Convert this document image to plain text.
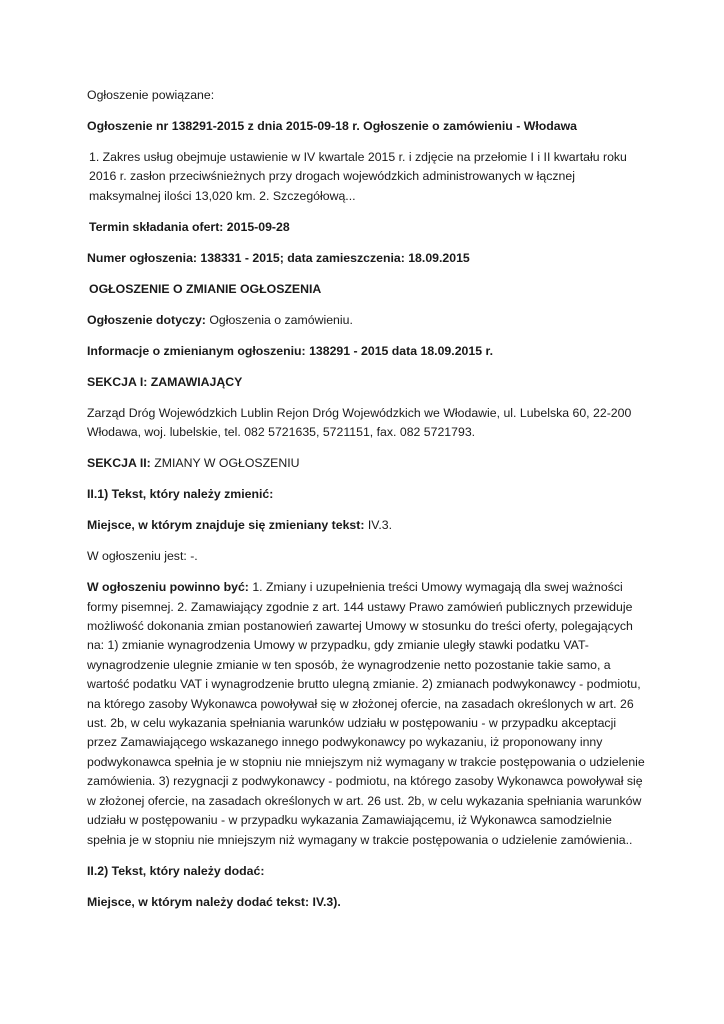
Ogłoszenie powiązane:

Ogłoszenie nr 138291-2015 z dnia 2015-09-18 r. Ogłoszenie o zamówieniu - Włodawa

1. Zakres usług obejmuje ustawienie w IV kwartale 2015 r. i zdjęcie na przełomie I i II kwartału roku 2016 r. zasłon przeciwśnieżnych przy drogach wojewódzkich administrowanych w łącznej maksymalnej ilości 13,020 km. 2. Szczegółową...

Termin składania ofert: 2015-09-28

Numer ogłoszenia: 138331 - 2015; data zamieszczenia: 18.09.2015

OGŁOSZENIE O ZMIANIE OGŁOSZENIA

Ogłoszenie dotyczy: Ogłoszenia o zamówieniu.

Informacje o zmienianym ogłoszeniu: 138291 - 2015 data 18.09.2015 r.

SEKCJA I: ZAMAWIAJĄCY

Zarząd Dróg Wojewódzkich Lublin Rejon Dróg Wojewódzkich we Włodawie, ul. Lubelska 60, 22-200 Włodawa, woj. lubelskie, tel. 082 5721635, 5721151, fax. 082 5721793.

SEKCJA II: ZMIANY W OGŁOSZENIU

II.1) Tekst, który należy zmienić:

Miejsce, w którym znajduje się zmieniany tekst: IV.3.

W ogłoszeniu jest: -.

W ogłoszeniu powinno być: 1. Zmiany i uzupełnienia treści Umowy wymagają dla swej ważności formy pisemnej. 2. Zamawiający zgodnie z art. 144 ustawy Prawo zamówień publicznych przewiduje możliwość dokonania zmian postanowień zawartej Umowy w stosunku do treści oferty, polegających na: 1) zmianie wynagrodzenia Umowy w przypadku, gdy zmianie uległy stawki podatku VAT- wynagrodzenie ulegnie zmianie w ten sposób, że wynagrodzenie netto pozostanie takie samo, a wartość podatku VAT i wynagrodzenie brutto ulegną zmianie. 2) zmianach podwykonawcy - podmiotu, na którego zasoby Wykonawca powoływał się w złożonej ofercie, na zasadach określonych w art. 26 ust. 2b, w celu wykazania spełniania warunków udziału w postępowaniu - w przypadku akceptacji przez Zamawiającego wskazanego innego podwykonawcy po wykazaniu, iż proponowany inny podwykonawca spełnia je w stopniu nie mniejszym niż wymagany w trakcie postępowania o udzielenie zamówienia. 3) rezygnacji z podwykonawcy - podmiotu, na którego zasoby Wykonawca powoływał się w złożonej ofercie, na zasadach określonych w art. 26 ust. 2b, w celu wykazania spełniania warunków udziału w postępowaniu - w przypadku wykazania Zamawiającemu, iż Wykonawca samodzielnie spełnia je w stopniu nie mniejszym niż wymagany w trakcie postępowania o udzielenie zamówienia..

II.2) Tekst, który należy dodać:

Miejsce, w którym należy dodać tekst: IV.3).
